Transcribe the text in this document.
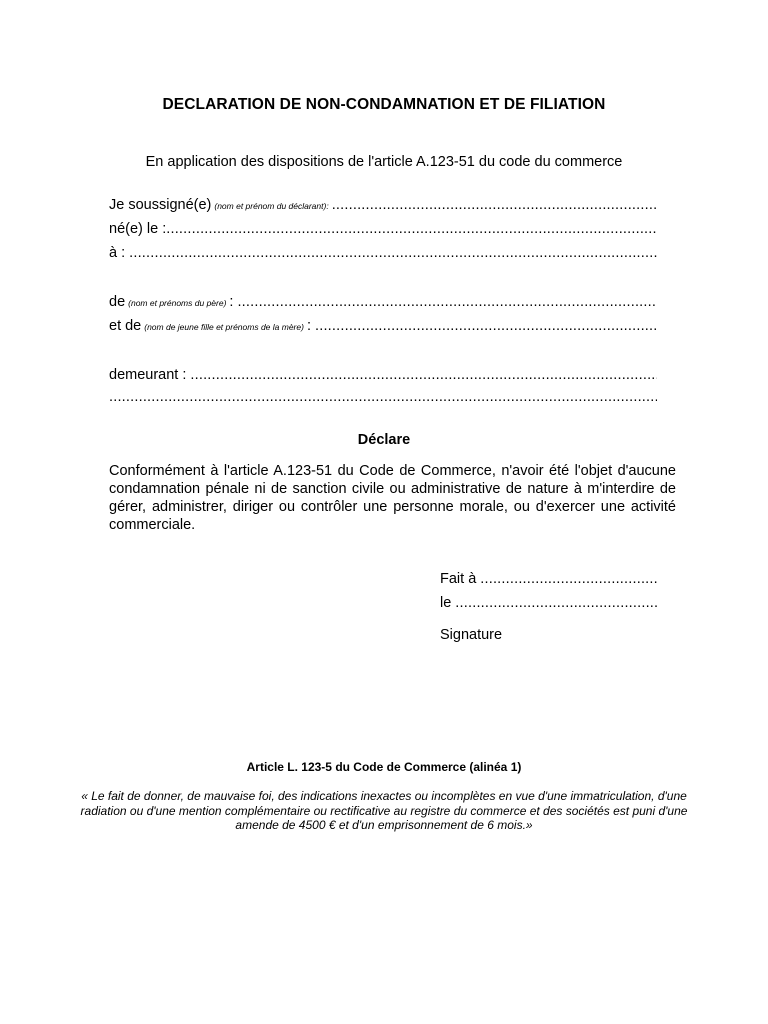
DECLARATION DE NON-CONDAMNATION ET DE FILIATION
En application des dispositions de l'article A.123-51 du code du commerce
Je soussigné(e) (nom et prénom du déclarant):
.....
né(e) le :
.....
à :
.....
de (nom et prénoms du père) :
.....
et de (nom de jeune fille et prénoms de la mère) :
.....
demeurant :
.....
.....
Déclare
Conformément à l'article A.123-51 du Code de Commerce, n'avoir été l'objet d'aucune condamnation pénale ni de sanction civile ou administrative de nature à m'interdire de gérer, administrer, diriger ou contrôler une personne morale, ou d'exercer une activité commerciale.
Fait à
.....
le
.....
Signature
Article L. 123-5 du Code de Commerce (alinéa 1)
« Le fait de donner, de mauvaise foi, des indications inexactes ou incomplètes en vue d'une immatriculation, d'une radiation ou d'une mention complémentaire ou rectificative au registre du commerce et des sociétés est puni d'une amende de 4500 € et d'un emprisonnement de 6 mois.»
